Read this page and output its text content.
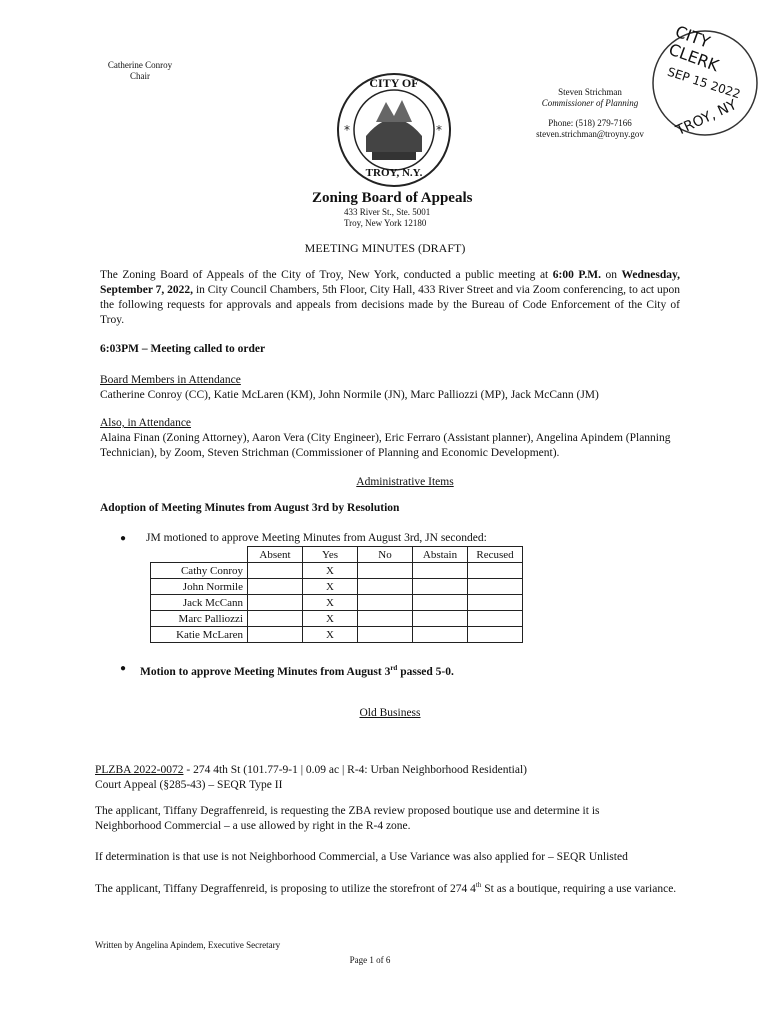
Catherine Conroy
Chair
*	*
CITY OF
TROY, N.Y.
Steven Strichman
Commissioner of Planning
Phone: (518) 279-7166
steven.strichman@troyny.gov
CITY CLERK
SEP 15 2022
TROY, NY
Zoning Board of Appeals
433 River St., Ste. 5001
Troy, New York 12180
MEETING MINUTES (DRAFT)
The Zoning Board of Appeals of the City of Troy, New York, conducted a public meeting at 6:00 P.M. on Wednesday, September 7, 2022, in City Council Chambers, 5th Floor, City Hall, 433 River Street and via Zoom conferencing, to act upon the following requests for approvals and appeals from decisions made by the Bureau of Code Enforcement of the City of Troy.
6:03PM – Meeting called to order
Board Members in Attendance
Catherine Conroy (CC), Katie McLaren (KM), John Normile (JN), Marc Palliozzi (MP), Jack McCann (JM)
Also, in Attendance
Alaina Finan (Zoning Attorney), Aaron Vera (City Engineer), Eric Ferraro (Assistant planner), Angelina Apindem (Planning Technician), by Zoom, Steven Strichman (Commissioner of Planning and Economic Development).
Administrative Items
Adoption of Meeting Minutes from August 3rd by Resolution
● JM motioned to approve Meeting Minutes from August 3rd, JN seconded:
	Absent	Yes	No	Abstain	Recused
Cathy Conroy		X			
John Normile		X			
Jack McCann		X			
Marc Palliozzi		X			
Katie McLaren		X			
● Motion to approve Meeting Minutes from August 3rd passed 5-0.
Old Business
PLZBA 2022-0072 - 274 4th St (101.77-9-1 | 0.09 ac | R-4: Urban Neighborhood Residential)
Court Appeal (§285-43) – SEQR Type II
The applicant, Tiffany Degraffenreid, is requesting the ZBA review proposed boutique use and determine it is Neighborhood Commercial – a use allowed by right in the R-4 zone.
If determination is that use is not Neighborhood Commercial, a Use Variance was also applied for – SEQR Unlisted
The applicant, Tiffany Degraffenreid, is proposing to utilize the storefront of 274 4th St as a boutique, requiring a use variance.
Written by Angelina Apindem, Executive Secretary
Page 1 of 6
